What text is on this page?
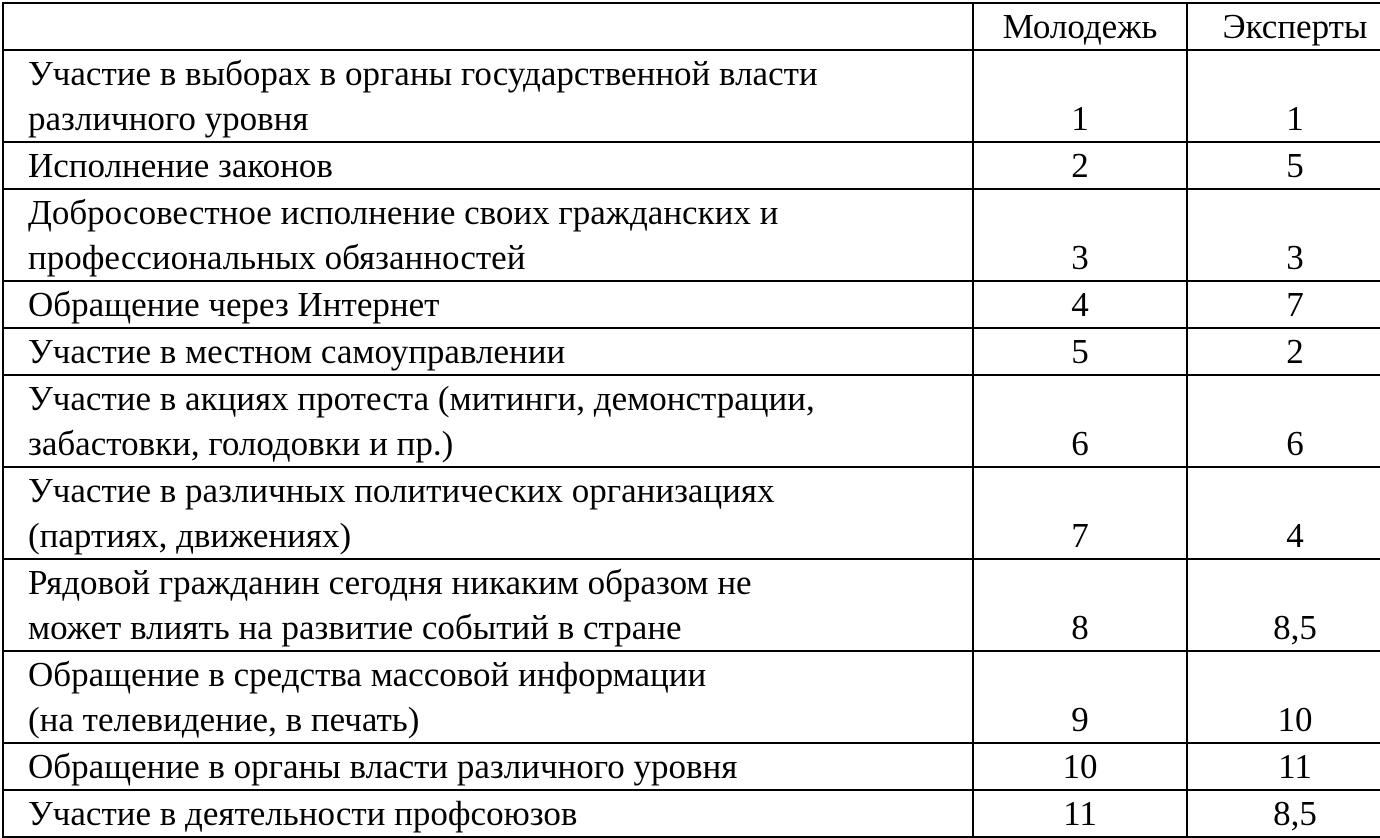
	Молодежь	Эксперты

Участие в выборах в органы государственной власти
различного уровня	1	1

Исполнение законов	2	5

Добросовестное исполнение своих гражданских и
профессиональных обязанностей	3	3

Обращение через Интернет	4	7

Участие в местном самоуправлении	5	2

Участие в акциях протеста (митинги, демонстрации,
забастовки, голодовки и пр.)	6	6

Участие в различных политических организациях
(партиях, движениях)	7	4

Рядовой гражданин сегодня никаким образом не
может влиять на развитие событий в стране	8	8,5

Обращение в средства массовой информации
(на телевидение, в печать)	9	10

Обращение в органы власти различного уровня	10	11

Участие в деятельности профсоюзов	11	8,5
